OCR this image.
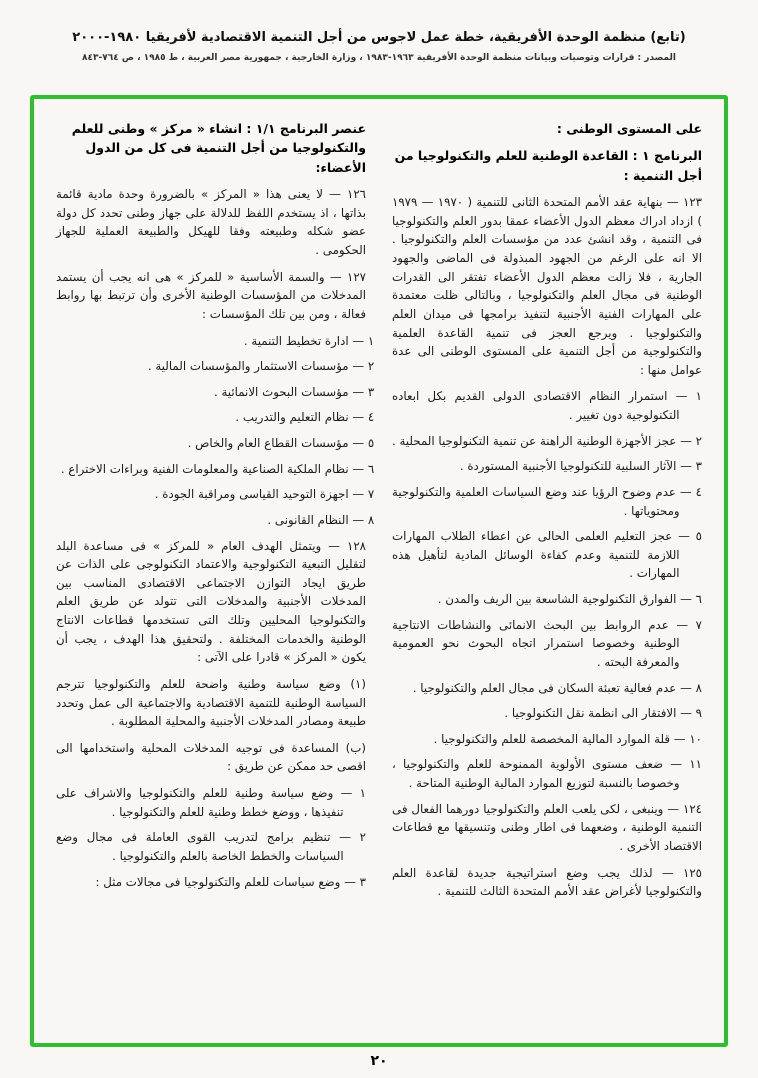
(تابع) منظمة الوحدة الأفريقية، خطة عمل لاجوس من أجل التنمية الاقتصادية لأفريقيا ١٩٨٠-٢٠٠٠
المصدر : قرارات وتوصيات وبيانات منظمة الوحدة الأفريقية ١٩٦٣-١٩٨٣ ، وزارة الخارجية ، جمهورية مصر العربية ، ط ١٩٨٥ ، ص ٧٦٤-٨٤٣

على المستوى الوطنى :

البرنامج ١ : القاعدة الوطنية للعلم والتكنولوجيا من أجل التنمية :

١٢٣ — بنهاية عقد الأمم المتحدة الثانى للتنمية ( ١٩٧٠ — ١٩٧٩ ) ازداد ادراك معظم الدول الأعضاء عمقا بدور العلم والتكنولوجيا فى التنمية ، وقد انشئ عدد من مؤسسات العلم والتكنولوجيا . الا انه على الرغم من الجهود المبذولة فى الماضى والجهود الجارية ، فلا زالت معظم الدول الأعضاء تفتقر الى القدرات الوطنية فى مجال العلم والتكنولوجيا ، وبالتالى ظلت معتمدة على المهارات الفنية الأجنبية لتنفيذ برامجها فى ميدان العلم والتكنولوجيا . ويرجع العجز فى تنمية القاعدة العلمية والتكنولوجية من أجل التنمية على المستوى الوطنى الى عدة عوامل منها :

١ — استمرار النظام الاقتصادى الدولى القديم بكل ابعاده التكنولوجية دون تغيير .

٢ — عجز الأجهزة الوطنية الراهنة عن تنمية التكنولوجيا المحلية .

٣ — الآثار السلبية للتكنولوجيا الأجنبية المستوردة .

٤ — عدم وضوح الرؤيا عند وضع السياسات العلمية والتكنولوجية ومحتوياتها .

٥ — عجز التعليم العلمى الحالى عن اعطاء الطلاب المهارات اللازمة للتنمية وعدم كفاءة الوسائل المادية لتأهيل هذه المهارات .

٦ — الفوارق التكنولوجية الشاسعة بين الريف والمدن .

٧ — عدم الروابط بين البحث الانمائى والنشاطات الانتاجية الوطنية وخصوصا استمرار اتجاه البحوث نحو العمومية والمعرفة البحته .

٨ — عدم فعالية تعبئة السكان فى مجال العلم والتكنولوجيا .

٩ — الافتقار الى انظمة نقل التكنولوجيا .

١٠ — قلة الموارد المالية المخصصة للعلم والتكنولوجيا .

١١ — ضعف مستوى الأولوية الممنوحة للعلم والتكنولوجيا ، وخصوصا بالنسبة لتوزيع الموارد المالية الوطنية المتاحة .

١٢٤ — وينبغى ، لكى يلعب العلم والتكنولوجيا دورهما الفعال فى التنمية الوطنية ، وضعهما فى اطار وطنى وتنسيقها مع قطاعات الاقتصاد الأخرى .

١٢٥ — لذلك يجب وضع استراتيجية جديدة لقاعدة العلم والتكنولوجيا لأغراض عقد الأمم المتحدة الثالث للتنمية .

عنصر البرنامج ١/١ : انشاء « مركز » وطنى للعلم والتكنولوجيا من أجل التنمية فى كل من الدول الأعضاء:

١٢٦ — لا يعنى هذا « المركز » بالضرورة وحدة مادية قائمة بذاتها ، اذ يستخدم اللفظ للدلالة على جهاز وطنى تحدد كل دولة عضو شكله وطبيعته وفقا للهيكل والطبيعة العملية للجهاز الحكومى .

١٢٧ — والسمة الأساسية « للمركز » هى انه يجب أن يستمد المدخلات من المؤسسات الوطنية الأخرى وأن ترتبط بها روابط فعالة ، ومن بين تلك المؤسسات :

١ — ادارة تخطيط التنمية .

٢ — مؤسسات الاستثمار والمؤسسات المالية .

٣ — مؤسسات البحوث الانمائية .

٤ — نظام التعليم والتدريب .

٥ — مؤسسات القطاع العام والخاص .

٦ — نظام الملكية الصناعية والمعلومات الفنية وبراءات الاختراع .

٧ — اجهزة التوحيد القياسى ومراقبة الجودة .

٨ — النظام القانونى .

١٢٨ — ويتمثل الهدف العام « للمركز » فى مساعدة البلد لتقليل التبعية التكنولوجية والاعتماد التكنولوجى على الذات عن طريق ايجاد التوازن الاجتماعى الاقتصادى المناسب بين المدخلات الأجنبية والمدخلات التى تتولد عن طريق العلم والتكنولوجيا المحليين وتلك التى تستخدمها قطاعات الانتاج الوطنية والخدمات المختلفة . ولتحقيق هذا الهدف ، يجب أن يكون « المركز » قادرا على الآتى :

(١) وضع سياسة وطنية واضحة للعلم والتكنولوجيا تترجم السياسة الوطنية للتنمية الاقتصادية والاجتماعية الى عمل وتحدد طبيعة ومصادر المدخلات الأجنبية والمحلية المطلوبة .

(ب) المساعدة فى توجيه المدخلات المحلية واستخدامها الى اقصى حد ممكن عن طريق :

١ — وضع سياسة وطنية للعلم والتكنولوجيا والاشراف على تنفيذها ، ووضع خطط وطنية للعلم والتكنولوجيا .

٢ — تنظيم برامج لتدريب القوى العاملة فى مجال وضع السياسات والخطط الخاصة بالعلم والتكنولوجيا .

٣ — وضع سياسات للعلم والتكنولوجيا فى مجالات مثل :

٢٠
